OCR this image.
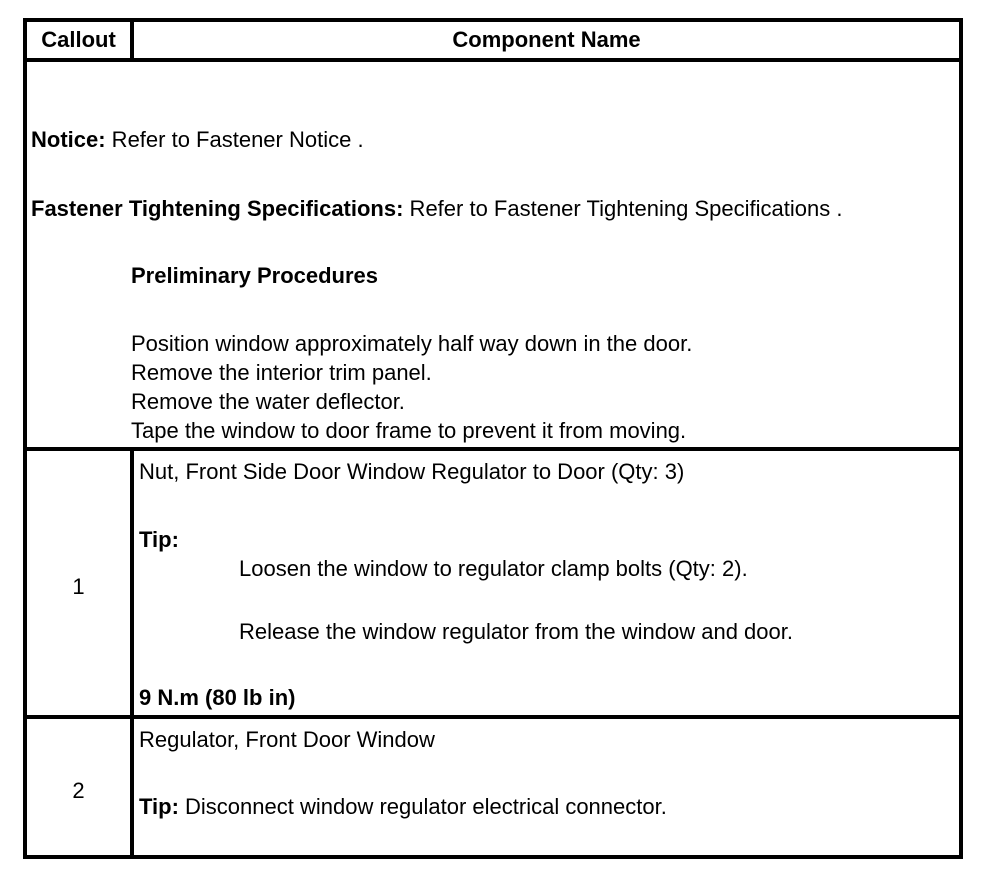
Callout	Component Name
Notice: Refer to Fastener Notice .
Fastener Tightening Specifications: Refer to Fastener Tightening Specifications .
Preliminary Procedures
Position window approximately half way down in the door.
Remove the interior trim panel.
Remove the water deflector.
Tape the window to door frame to prevent it from moving.
1
Nut, Front Side Door Window Regulator to Door (Qty: 3)
Tip:
Loosen the window to regulator clamp bolts (Qty: 2).
Release the window regulator from the window and door.
9 N.m (80 lb in)
2
Regulator, Front Door Window
Tip: Disconnect window regulator electrical connector.
